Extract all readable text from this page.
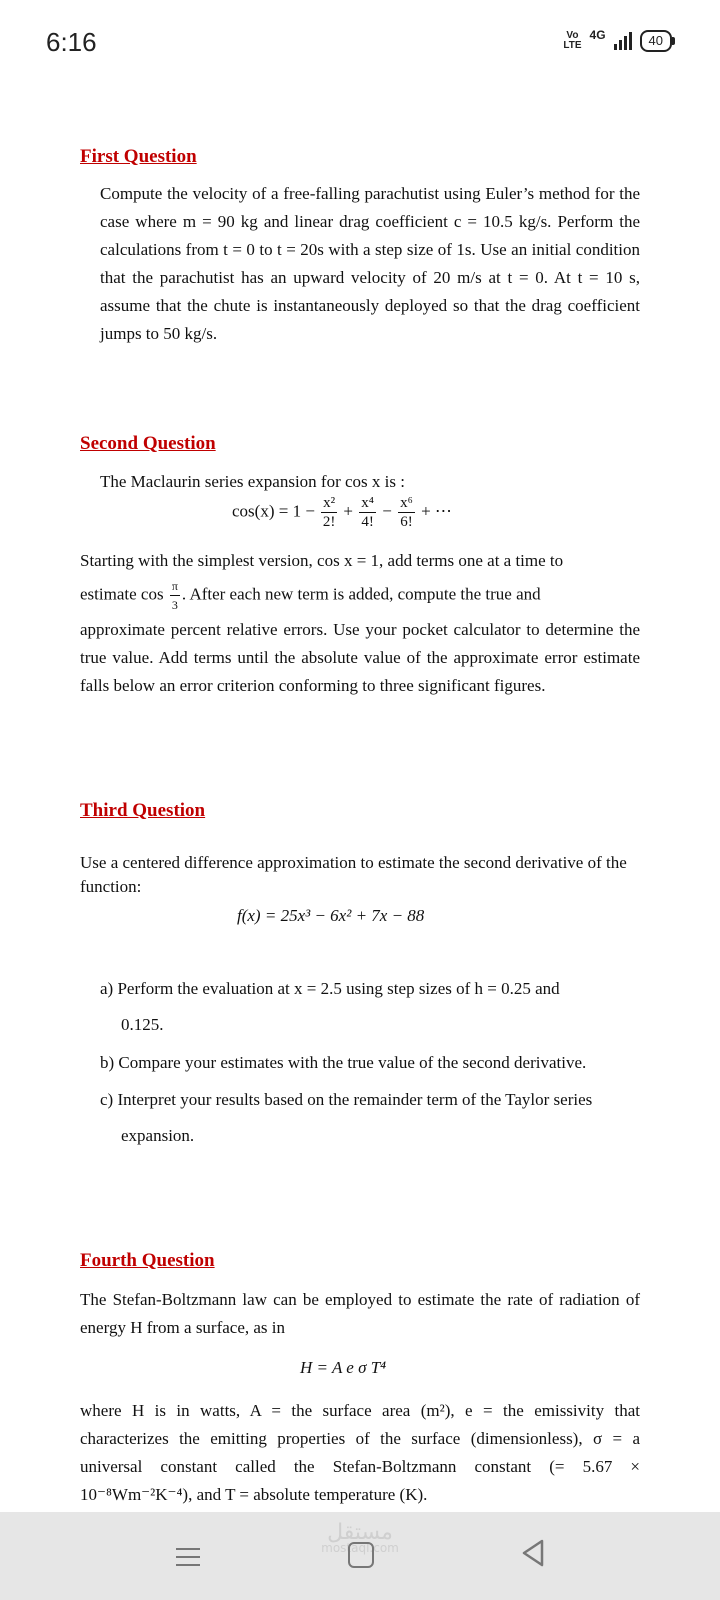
6:16	Vo
LTE
4G	40
First Question
Compute the velocity of a free-falling parachutist using Euler’s method for the case where m = 90 kg and linear drag coefficient c = 10.5 kg/s. Perform the calculations from t = 0 to t = 20s with a step size of 1s. Use an initial condition that the parachutist has an upward velocity of 20 m/s at t = 0. At t = 10 s, assume that the chute is instantaneously deployed so that the drag coefficient jumps to 50 kg/s.
Second Question
The Maclaurin series expansion for cos x is :
$\cos(x) = 1 - \frac{\text{x²}}{2!} + \frac{\text{x⁴}}{4!} - \frac{\text{x⁶}}{6!}$ + ⋯
Starting with the simplest version, cos x = 1, add terms one at a time to
estimate $\cos \frac{\pi}{3}$ . After each new term is added, compute the true and
approximate percent relative errors. Use your pocket calculator to determine the true value. Add terms until the absolute value of the approximate error estimate falls below an error criterion conforming to three significant figures.
Third Question
Use a centered difference approximation to estimate the second derivative of the function:
f(x) = 25x³ − 6x² + 7x − 88
a) Perform the evaluation at x = 2.5 using step sizes of h = 0.25 and
0.125.
b) Compare your estimates with the true value of the second derivative.
c) Interpret your results based on the remainder term of the Taylor series
expansion.
Fourth Question
The Stefan-Boltzmann law can be employed to estimate the rate of radiation of energy H from a surface, as in
H = A e σ T⁴
where H is in watts, A = the surface area (m²), e = the emissivity that characterizes the emitting properties of the surface (dimensionless), σ = a universal constant called the Stefan-Boltzmann constant (= 5.67 × 10⁻⁸Wm⁻²K⁻⁴), and T = absolute temperature (K).
مستقل
mostaql.com
